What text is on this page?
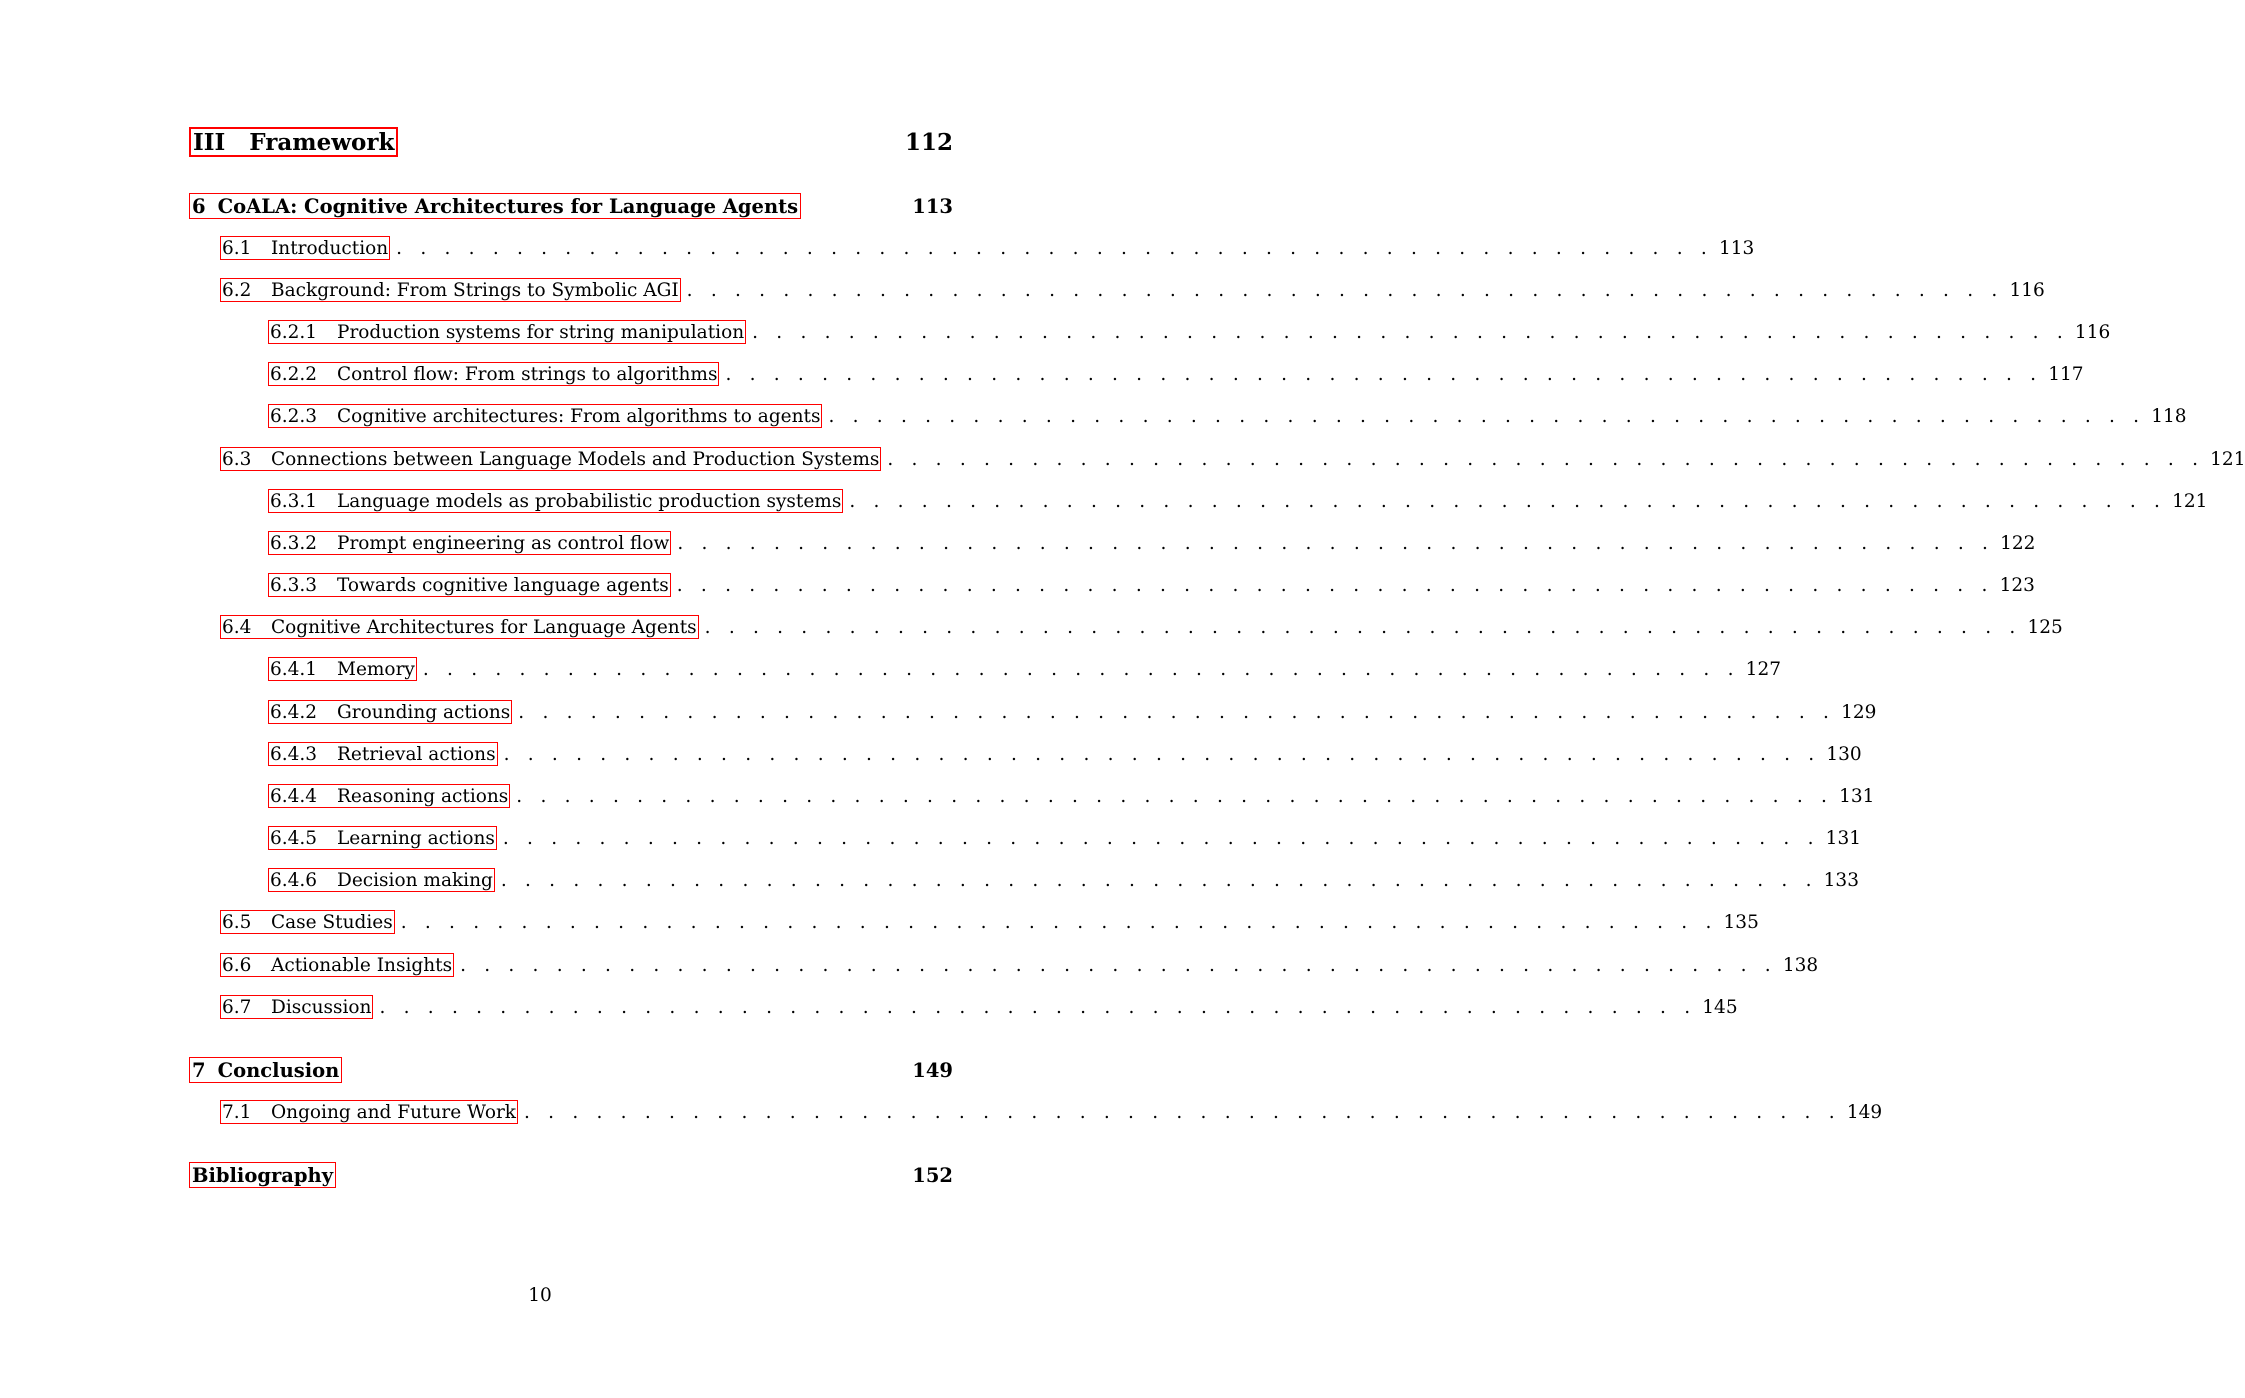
III Framework	112
6 CoALA: Cognitive Architectures for Language Agents	113
6.1	Introduction . . . . . . . . . . . . . . . . . . . . . . . . . . . . . . . . . . . . . . . . . . . . . . . . . . . . . . . 113
6.2	Background: From Strings to Symbolic AGI . . . . . . . . . . . . . . . . . . . . . . . . . . . . . . . . . . . . . . . . . . . . . . . . . . . . . . . 116
6.2.1	Production systems for string manipulation . . . . . . . . . . . . . . . . . . . . . . . . . . . . . . . . . . . . . . . . . . . . . . . . . . . . . . . 116
6.2.2	Control flow: From strings to algorithms . . . . . . . . . . . . . . . . . . . . . . . . . . . . . . . . . . . . . . . . . . . . . . . . . . . . . . . 117
6.2.3	Cognitive architectures: From algorithms to agents . . . . . . . . . . . . . . . . . . . . . . . . . . . . . . . . . . . . . . . . . . . . . . . . . . . . . . . 118
6.3	Connections between Language Models and Production Systems . . . . . . . . . . . . . . . . . . . . . . . . . . . . . . . . . . . . . . . . . . . . . . . . . . . . . . . 121
6.3.1	Language models as probabilistic production systems . . . . . . . . . . . . . . . . . . . . . . . . . . . . . . . . . . . . . . . . . . . . . . . . . . . . . . . 121
6.3.2	Prompt engineering as control flow . . . . . . . . . . . . . . . . . . . . . . . . . . . . . . . . . . . . . . . . . . . . . . . . . . . . . . . 122
6.3.3	Towards cognitive language agents . . . . . . . . . . . . . . . . . . . . . . . . . . . . . . . . . . . . . . . . . . . . . . . . . . . . . . . 123
6.4	Cognitive Architectures for Language Agents . . . . . . . . . . . . . . . . . . . . . . . . . . . . . . . . . . . . . . . . . . . . . . . . . . . . . . . 125
6.4.1	Memory . . . . . . . . . . . . . . . . . . . . . . . . . . . . . . . . . . . . . . . . . . . . . . . . . . . . . . . 127
6.4.2	Grounding actions . . . . . . . . . . . . . . . . . . . . . . . . . . . . . . . . . . . . . . . . . . . . . . . . . . . . . . . 129
6.4.3	Retrieval actions . . . . . . . . . . . . . . . . . . . . . . . . . . . . . . . . . . . . . . . . . . . . . . . . . . . . . . . 130
6.4.4	Reasoning actions . . . . . . . . . . . . . . . . . . . . . . . . . . . . . . . . . . . . . . . . . . . . . . . . . . . . . . . 131
6.4.5	Learning actions . . . . . . . . . . . . . . . . . . . . . . . . . . . . . . . . . . . . . . . . . . . . . . . . . . . . . . . 131
6.4.6	Decision making . . . . . . . . . . . . . . . . . . . . . . . . . . . . . . . . . . . . . . . . . . . . . . . . . . . . . . . 133
6.5	Case Studies . . . . . . . . . . . . . . . . . . . . . . . . . . . . . . . . . . . . . . . . . . . . . . . . . . . . . . . 135
6.6	Actionable Insights . . . . . . . . . . . . . . . . . . . . . . . . . . . . . . . . . . . . . . . . . . . . . . . . . . . . . . . 138
6.7	Discussion . . . . . . . . . . . . . . . . . . . . . . . . . . . . . . . . . . . . . . . . . . . . . . . . . . . . . . . 145
7 Conclusion	149
7.1	Ongoing and Future Work . . . . . . . . . . . . . . . . . . . . . . . . . . . . . . . . . . . . . . . . . . . . . . . . . . . . . . . 149
Bibliography	152
10
